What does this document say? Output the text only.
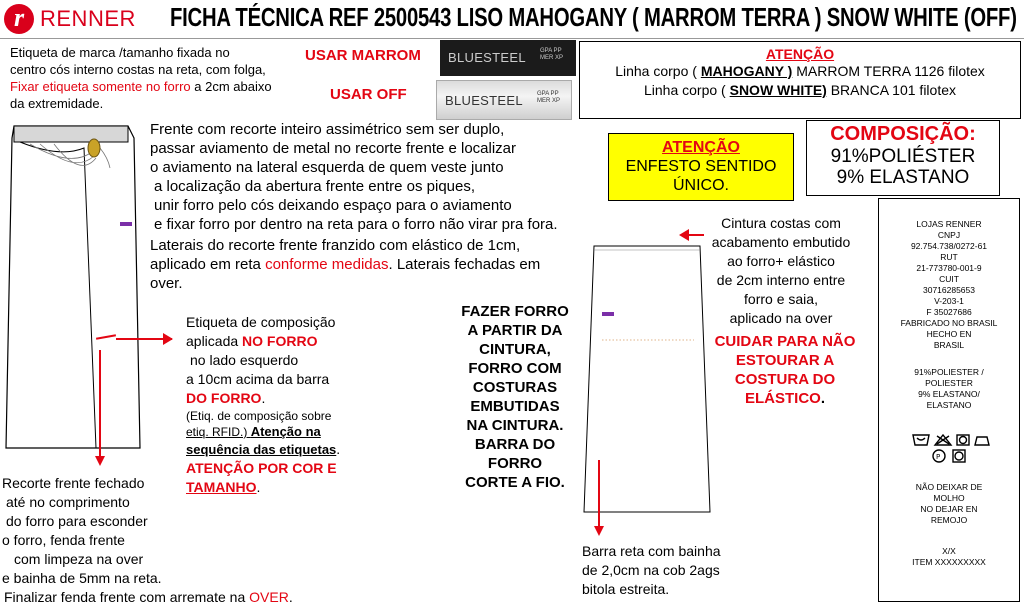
r RENNER FICHA TÉCNICA REF 2500543 LISO MAHOGANY ( MARROM TERRA ) SNOW WHITE (OFF)
Etiqueta de marca /tamanho fixada no
centro cós interno costas na reta, com folga,
Fixar etiqueta somente no forro a 2cm abaixo
da extremidade.
USAR MARROM
USAR OFF
BLUESTEEL GPA PP MER XP
BLUESTEEL GPA PP MER XP
ATENÇÃO
Linha corpo ( MAHOGANY ) MARROM TERRA 1126 filotex
Linha corpo ( SNOW WHITE) BRANCA 101 filotex
Frente com recorte inteiro assimétrico sem ser duplo,
passar aviamento de metal no recorte frente e localizar
o aviamento na lateral esquerda de quem veste junto
a localização da abertura frente entre os piques,
unir forro pelo cós deixando espaço para o aviamento
e fixar forro por dentro na reta para o forro não virar pra fora.
Laterais do recorte frente franzido com elástico de 1cm,
aplicado em reta conforme medidas. Laterais fechadas em
over.
ATENÇÃO
ENFESTO SENTIDO
ÚNICO.
COMPOSIÇÃO:
91%POLIÉSTER
9% ELASTANO
Etiqueta de composição
aplicada NO FORRO
no lado esquerdo
a 10cm acima da barra
DO FORRO.
(Etiq. de composição sobre
etiq. RFID.) Atenção na
sequência das etiquetas.
ATENÇÃO POR COR E
TAMANHO.
FAZER FORRO
A PARTIR DA
CINTURA,
FORRO COM
COSTURAS
EMBUTIDAS
NA CINTURA.
BARRA DO
FORRO
CORTE A FIO.
Cintura costas com
acabamento embutido
ao forro+ elástico
de 2cm interno entre
forro e saia,
aplicado na over
CUIDAR PARA NÃO
ESTOURAR A
COSTURA DO
ELÁSTICO.
Barra reta com bainha
de 2,0cm na cob 2ags
bitola estreita.
Recorte frente fechado
até no comprimento
do forro para esconder
o forro, fenda frente
com limpeza na over
e bainha de 5mm na reta.
Finalizar fenda frente com arremate na OVER.
LOJAS RENNER
CNPJ
92.754.738/0272-61
RUT
21-773780-001-9
CUIT
30716285653
V-203-1
F 35027686
FABRICADO NO BRASIL
HECHO EN
BRASIL
91%POLIESTER /
POLIESTER
9% ELASTANO/
ELASTANO
P
NÃO DEIXAR DE
MOLHO
NO DEJAR EN
REMOJO
X/X
ITEM XXXXXXXXX
